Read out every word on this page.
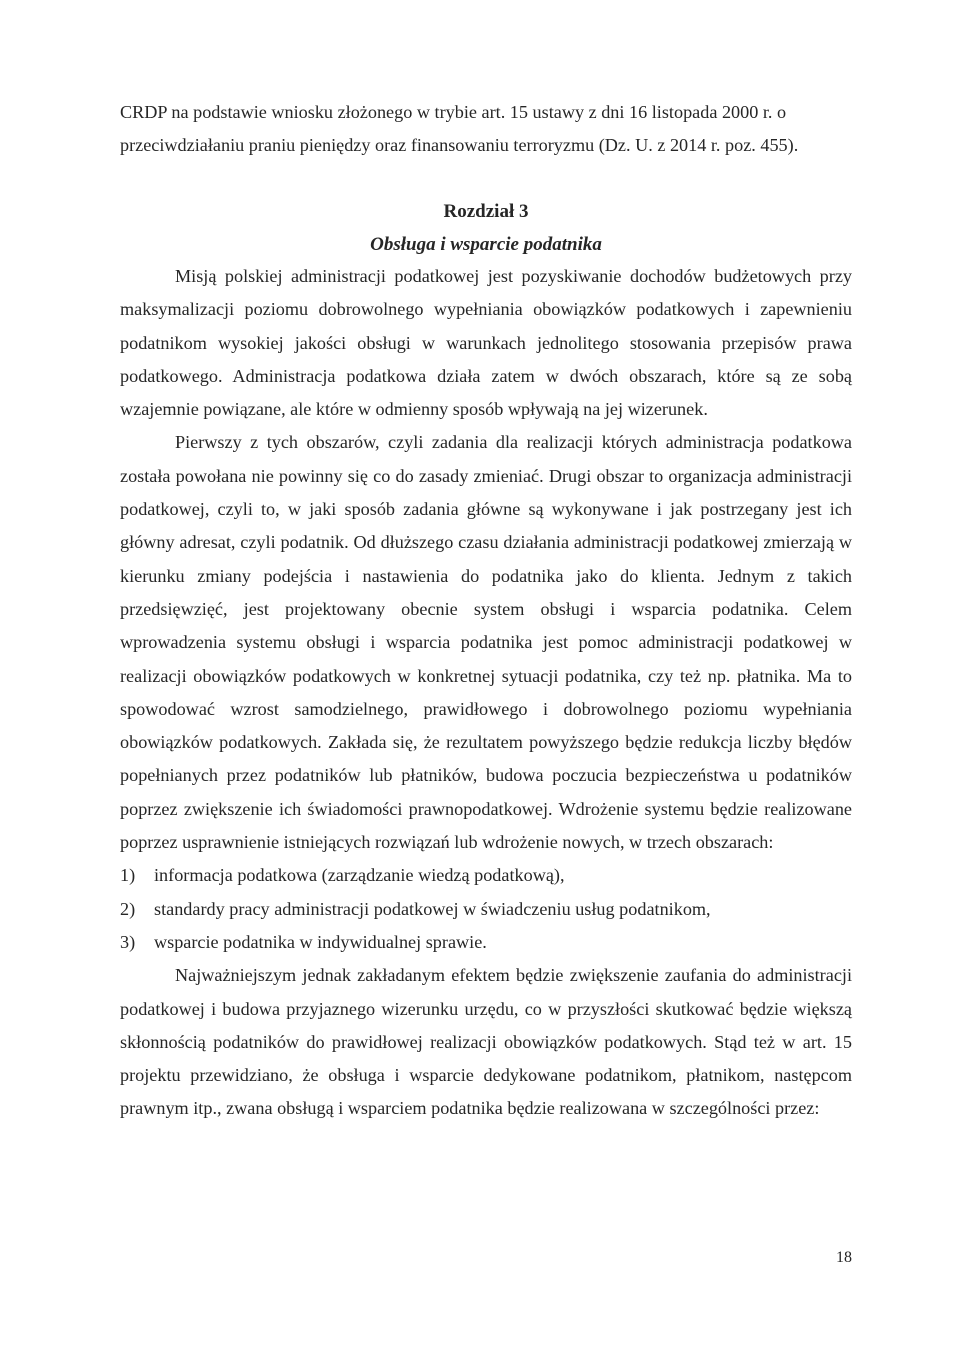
CRDP na podstawie wniosku złożonego w trybie art. 15 ustawy z dni 16 listopada 2000 r. o przeciwdziałaniu praniu pieniędzy oraz finansowaniu terroryzmu (Dz. U. z 2014 r. poz. 455).
Rozdział 3
Obsługa i wsparcie podatnika

Misją polskiej administracji podatkowej jest pozyskiwanie dochodów budżetowych przy maksymalizacji poziomu dobrowolnego wypełniania obowiązków podatkowych i zapewnieniu podatnikom wysokiej jakości obsługi w warunkach jednolitego stosowania przepisów prawa podatkowego. Administracja podatkowa działa zatem w dwóch obszarach, które są ze sobą wzajemnie powiązane, ale które w odmienny sposób wpływają na jej wizerunek.

Pierwszy z tych obszarów, czyli zadania dla realizacji których administracja podatkowa została powołana nie powinny się co do zasady zmieniać. Drugi obszar to organizacja administracji podatkowej, czyli to, w jaki sposób zadania główne są wykonywane i jak postrzegany jest ich główny adresat, czyli podatnik. Od dłuższego czasu działania administracji podatkowej zmierzają w kierunku zmiany podejścia i nastawienia do podatnika jako do klienta. Jednym z takich przedsięwzięć, jest projektowany obecnie system obsługi i wsparcia podatnika. Celem wprowadzenia systemu obsługi i wsparcia podatnika jest pomoc administracji podatkowej w realizacji obowiązków podatkowych w konkretnej sytuacji podatnika, czy też np. płatnika. Ma to spowodować wzrost samodzielnego, prawidłowego i dobrowolnego poziomu wypełniania obowiązków podatkowych. Zakłada się, że rezultatem powyższego będzie redukcja liczby błędów popełnianych przez podatników lub płatników, budowa poczucia bezpieczeństwa u podatników poprzez zwiększenie ich świadomości prawnopodatkowej. Wdrożenie systemu będzie realizowane poprzez usprawnienie istniejących rozwiązań lub wdrożenie nowych, w trzech obszarach:

1)	informacja podatkowa (zarządzanie wiedzą podatkową),
2)	standardy pracy administracji podatkowej w świadczeniu usług podatnikom,
3)	wsparcie podatnika w indywidualnej sprawie.

Najważniejszym jednak zakładanym efektem będzie zwiększenie zaufania do administracji podatkowej i budowa przyjaznego wizerunku urzędu, co w przyszłości skutkować będzie większą skłonnością podatników do prawidłowej realizacji obowiązków podatkowych. Stąd też w art. 15 projektu przewidziano, że obsługa i wsparcie dedykowane podatnikom, płatnikom, następcom prawnym itp., zwana obsługą i wsparciem podatnika będzie realizowana w szczególności przez:

18
